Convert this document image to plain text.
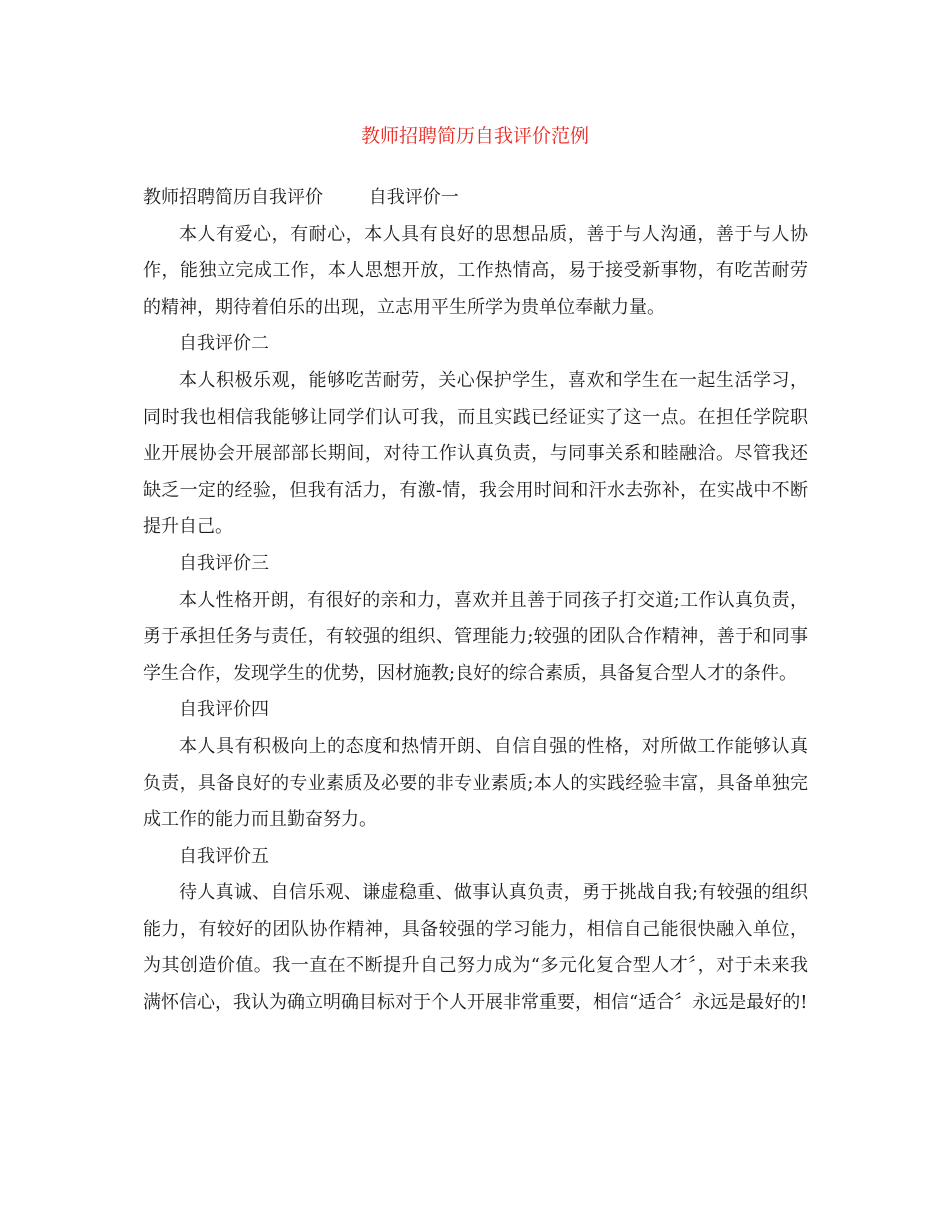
教师招聘简历自我评价范例

教师招聘简历自我评价	自我评价一

本人有爱心，有耐心，本人具有良好的思想品质，善于与人沟通，善于与人协作，能独立完成工作，本人思想开放，工作热情高，易于接受新事物，有吃苦耐劳的精神，期待着伯乐的出现，立志用平生所学为贵单位奉献力量。

自我评价二

本人积极乐观，能够吃苦耐劳，关心保护学生，喜欢和学生在一起生活学习，同时我也相信我能够让同学们认可我，而且实践已经证实了这一点。在担任学院职业开展协会开展部部长期间，对待工作认真负责，与同事关系和睦融洽。尽管我还缺乏一定的经验，但我有活力，有激-情，我会用时间和汗水去弥补，在实战中不断提升自己。

自我评价三

本人性格开朗，有很好的亲和力，喜欢并且善于同孩子打交道;工作认真负责，勇于承担任务与责任，有较强的组织、管理能力;较强的团队合作精神，善于和同事学生合作，发现学生的优势，因材施教;良好的综合素质，具备复合型人才的条件。

自我评价四

本人具有积极向上的态度和热情开朗、自信自强的性格，对所做工作能够认真负责，具备良好的专业素质及必要的非专业素质;本人的实践经验丰富，具备单独完成工作的能力而且勤奋努力。

自我评价五

待人真诚、自信乐观、谦虚稳重、做事认真负责，勇于挑战自我;有较强的组织能力，有较好的团队协作精神，具备较强的学习能力，相信自己能很快融入单位，为其创造价值。我一直在不断提升自己努力成为“多元化复合型人才〞，对于未来我满怀信心，我认为确立明确目标对于个人开展非常重要，相信“适合〞永远是最好的!
